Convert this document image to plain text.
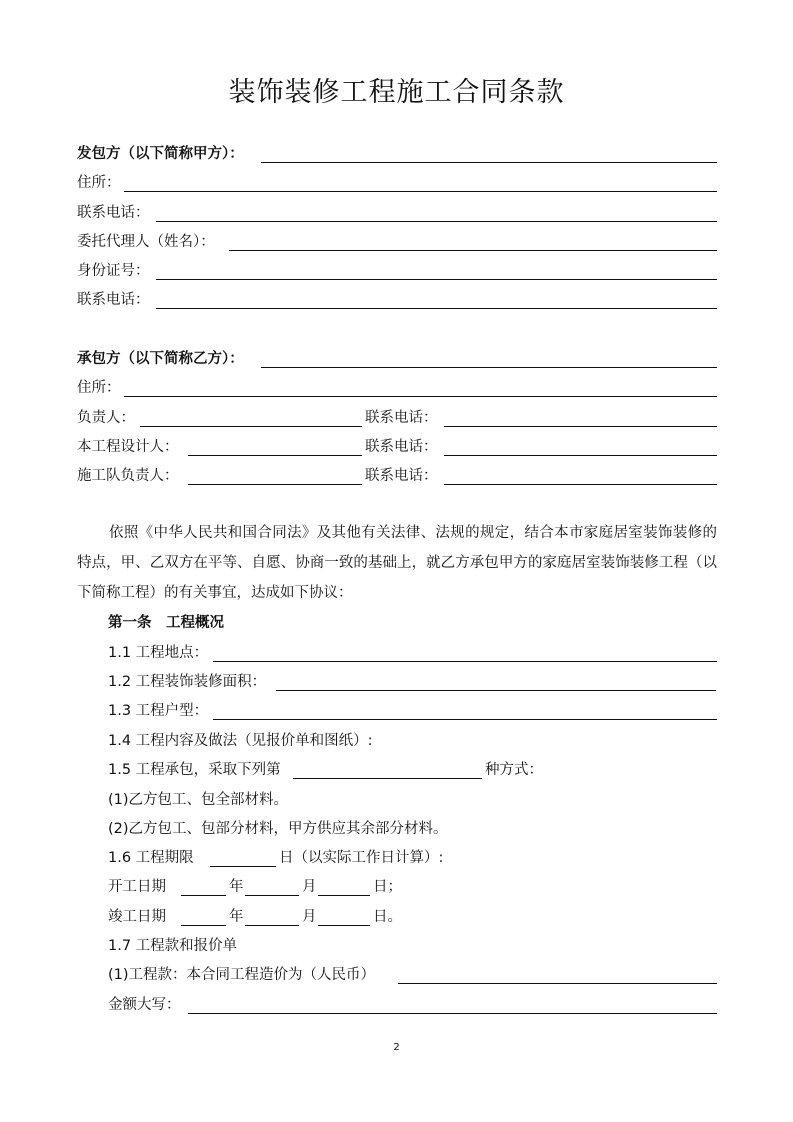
装饰装修工程施工合同条款
发包方（以下简称甲方）：
住所：
联系电话：
委托代理人（姓名）：
身份证号：
联系电话：
承包方（以下简称乙方）：
住所：
负责人：	联系电话：
本工程设计人：	联系电话：
施工队负责人：	联系电话：
依照《中华人民共和国合同法》及其他有关法律、法规的规定，结合本市家庭居室装饰装修的特点，甲、乙双方在平等、自愿、协商一致的基础上，就乙方承包甲方的家庭居室装饰装修工程（以下简称工程）的有关事宜，达成如下协议：
第一条　工程概况
1.1 工程地点：
1.2 工程装饰装修面积：
1.3 工程户型：
1.4 工程内容及做法（见报价单和图纸）:
1.5 工程承包，采取下列第	种方式：
(1)乙方包工、包全部材料。
(2)乙方包工、包部分材料，甲方供应其余部分材料。
1.6 工程期限	日（以实际工作日计算）:
开工日期	年	月	日；
竣工日期	年	月	日。
1.7 工程款和报价单
(1)工程款：本合同工程造价为（人民币）
金额大写：
2
